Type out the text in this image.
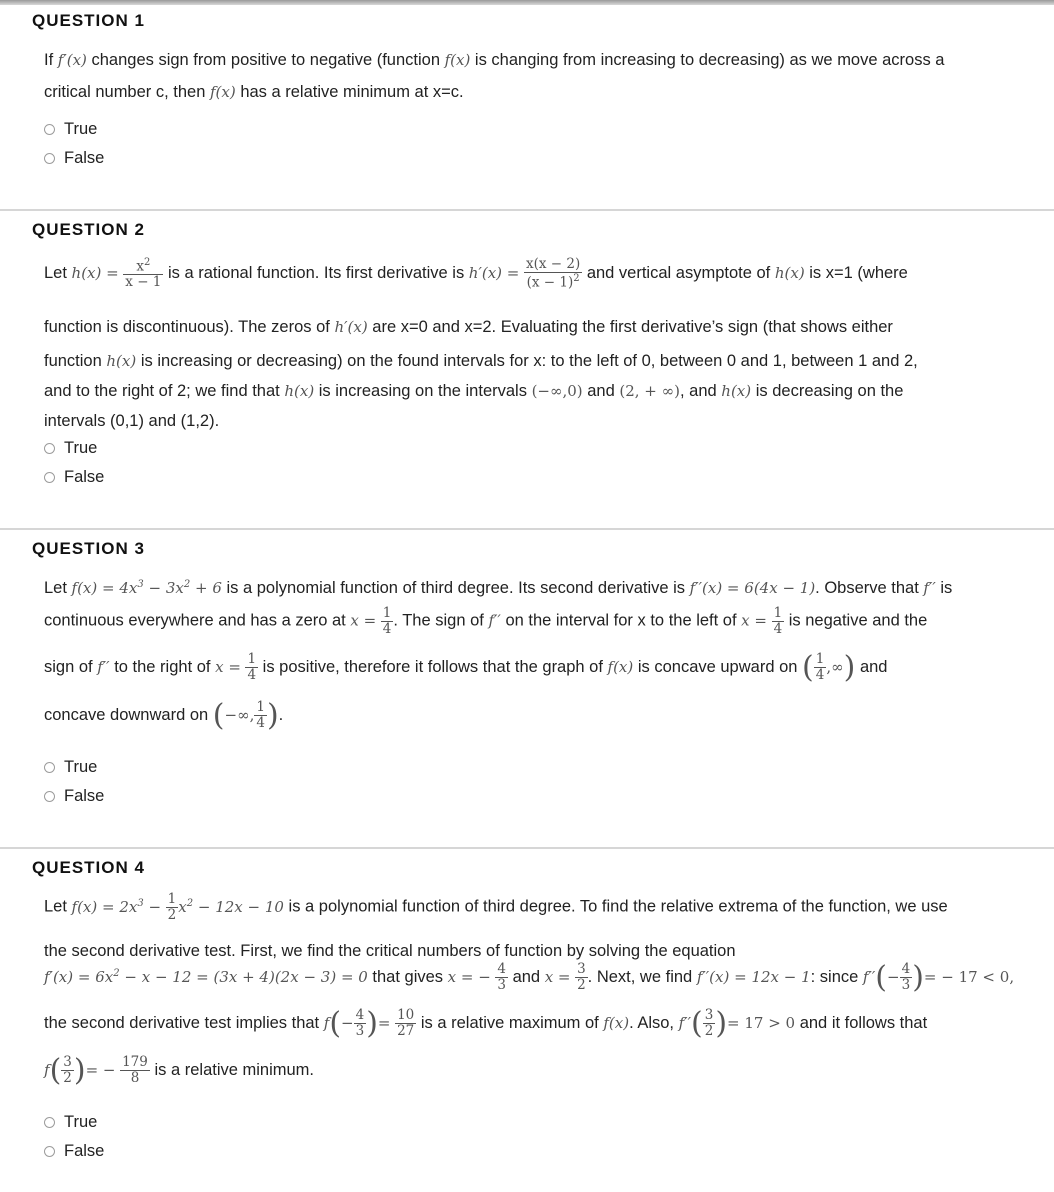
QUESTION 1
If f′(x) changes sign from positive to negative (function f(x) is changing from increasing to decreasing) as we move across a
critical number c, then f(x) has a relative minimum at x=c.
True
False
QUESTION 2
Let $h(x) = \frac{x^2}{x - 1}$ is a rational function. Its first derivative is $h'(x) = \frac{x(x - 2)}{(x - 1)^2}$ and vertical asymptote of h(x) is x=1 (where
function is discontinuous). The zeros of h′(x) are x=0 and x=2. Evaluating the first derivative’s sign (that shows either
function h(x) is increasing or decreasing) on the found intervals for x: to the left of 0, between 0 and 1, between 1 and 2,
and to the right of 2; we find that h(x) is increasing on the intervals (−∞,0) and (2, + ∞), and h(x) is decreasing on the
intervals (0,1) and (1,2).
True
False
QUESTION 3
Let $f(x) = 4x^3 - 3x^2 + 6$ is a polynomial function of third degree. Its second derivative is f′′(x) = 6(4x − 1). Observe that f′′ is
continuous everywhere and has a zero at $x = \frac{1}{4}$ . The sign of f′′ on the interval for x to the left of $x = \frac{1}{4}$ is negative and the
sign of f′′ to the right of $x = \frac{1}{4}$ is positive, therefore it follows that the graph of f(x) is concave upward on ( $\frac{1}{4}$ ,∞) and
concave downward on (−∞, $\frac{1}{4}$ ).
True
False
QUESTION 4
Let $f(x) = 2x^3 - \frac{1}{2} x^2 - 12x - 10$ is a polynomial function of third degree. To find the relative extrema of the function, we use
the second derivative test. First, we find the critical numbers of function by solving the equation
$f'(x) = 6x^2 - x - 12 = (3x + 4)(2x - 3) = 0$ that gives x = − $\frac{4}{3}$ and $x = \frac{3}{2}$ . Next, we find f′′(x) = 12x − 1: since $f''(- \frac{4}{3}$ )= − 17 < 0,
the second derivative test implies that $f(- \frac{4}{3}$ )= $\frac{10}{27}$ is a relative maximum of f(x). Also, $f''( \frac{3}{2}$ )= 17 > 0 and it follows that
$f( \frac{3}{2}$ )= − $\frac{179}{8}$ is a relative minimum.
True
False
